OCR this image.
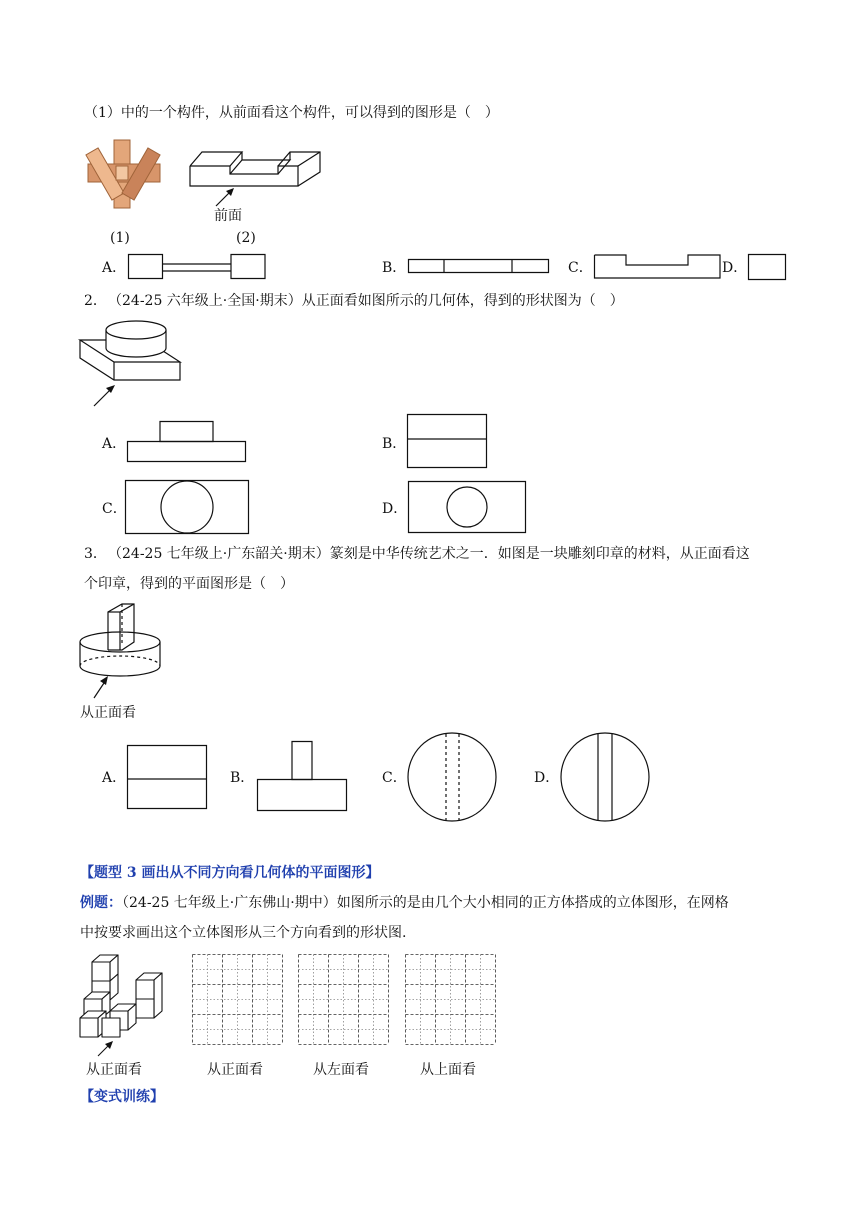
（1）中的一个构件，从前面看这个构件，可以得到的图形是（　）
前面
(1)	(2)
A．	B．	C．	D．
2． （24-25 六年级上·全国·期末）从正面看如图所示的几何体，得到的形状图为（　）
A．	B．
C．	D．
3． （24-25 七年级上·广东韶关·期末）篆刻是中华传统艺术之一．如图是一块雕刻印章的材料，从正面看这
个印章，得到的平面图形是（　）
从正面看
A．	B．	C．	D．
【题型 3 画出从不同方向看几何体的平面图形】
例题：（24-25 七年级上·广东佛山·期中）如图所示的是由几个大小相同的正方体搭成的立体图形，在网格
中按要求画出这个立体图形从三个方向看到的形状图.
从正面看	从正面看	从左面看	从上面看
【变式训练】
